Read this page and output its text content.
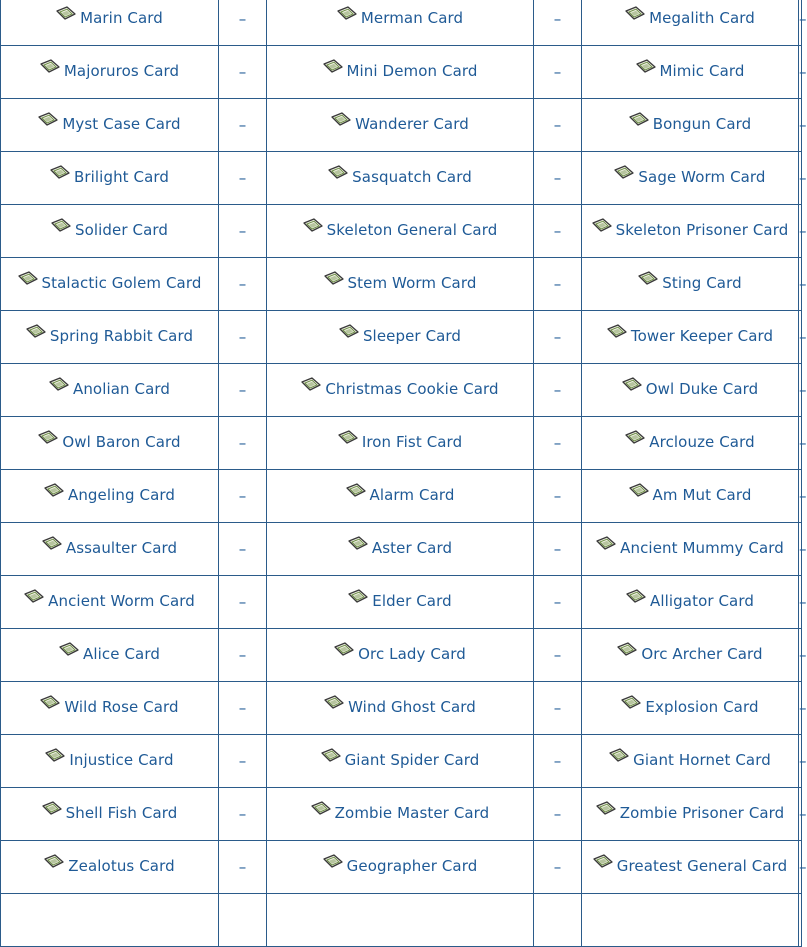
Marin Card	–	Merman Card	–	Megalith Card	–

Majoruros Card	–	Mini Demon Card	–	Mimic Card	–

Myst Case Card	–	Wanderer Card	–	Bongun Card	–

Brilight Card	–	Sasquatch Card	–	Sage Worm Card	–

Solider Card	–	Skeleton General Card	–	Skeleton Prisoner Card	–

Stalactic Golem Card	–	Stem Worm Card	–	Sting Card	–

Spring Rabbit Card	–	Sleeper Card	–	Tower Keeper Card	–

Anolian Card	–	Christmas Cookie Card	–	Owl Duke Card	–

Owl Baron Card	–	Iron Fist Card	–	Arclouze Card	–

Angeling Card	–	Alarm Card	–	Am Mut Card	–

Assaulter Card	–	Aster Card	–	Ancient Mummy Card	–

Ancient Worm Card	–	Elder Card	–	Alligator Card	–

Alice Card	–	Orc Lady Card	–	Orc Archer Card	–

Wild Rose Card	–	Wind Ghost Card	–	Explosion Card	–

Injustice Card	–	Giant Spider Card	–	Giant Hornet Card	–

Shell Fish Card	–	Zombie Master Card	–	Zombie Prisoner Card	–

Zealotus Card	–	Geographer Card	–	Greatest General Card	–
